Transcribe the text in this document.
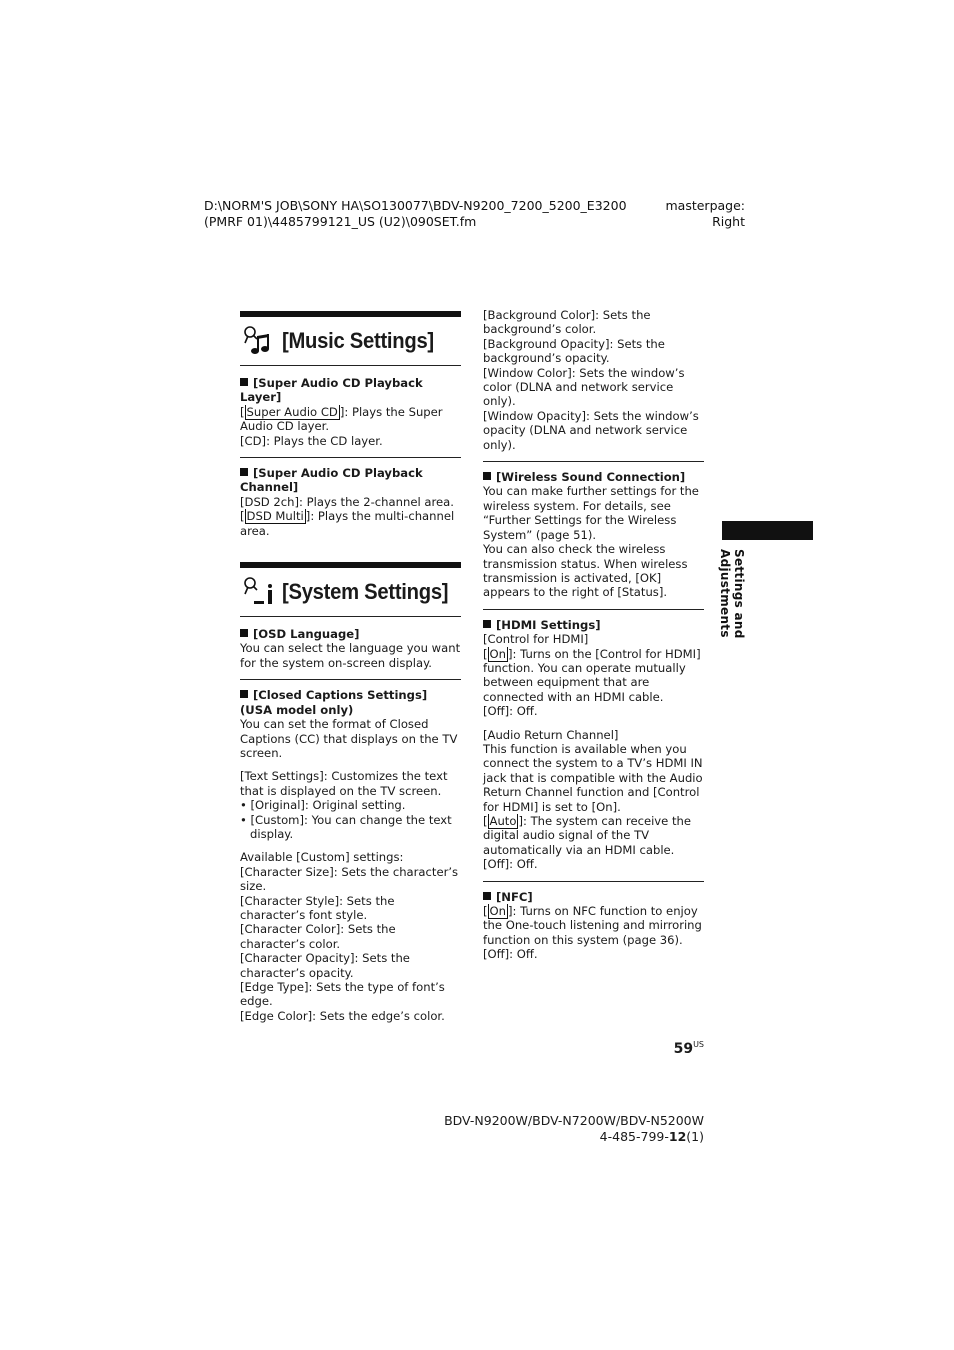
D:\NORM'S JOB\SONY HA\SO130077\BDV-N9200_7200_5200_E3200
(PMRF 01)\4485799121_US (U2)\090SET.fm
masterpage:
Right
[Music Settings]
[Super Audio CD Playback Layer]

[ Super Audio CD ]: Plays the Super Audio CD layer.

[CD]: Plays the CD layer.

[Super Audio CD Playback Channel]

[DSD 2ch]: Plays the 2-channel area.

[ DSD Multi ]: Plays the multi-channel area.

[System Settings]
[OSD Language]

You can select the language you want for the system on-screen display.

[Closed Captions Settings] (USA model only)

You can set the format of Closed Captions (CC) that displays on the TV screen.

[Text Settings]: Customizes the text that is displayed on the TV screen.

• [Original]: Original setting.

• [Custom]: You can change the text display.

Available [Custom] settings:

[Character Size]: Sets the character’s size.

[Character Style]: Sets the character’s font style.

[Character Color]: Sets the character’s color.

[Character Opacity]: Sets the character’s opacity.

[Edge Type]: Sets the type of font’s edge.

[Edge Color]: Sets the edge’s color.

[Background Color]: Sets the background’s color.

[Background Opacity]: Sets the background’s opacity.

[Window Color]: Sets the window’s color (DLNA and network service only).

[Window Opacity]: Sets the window’s opacity (DLNA and network service only).

[Wireless Sound Connection]

You can make further settings for the wireless system. For details, see “Further Settings for the Wireless System” (page 51).

You can also check the wireless transmission status. When wireless transmission is activated, [OK] appears to the right of [Status].

[HDMI Settings]

[Control for HDMI]

[ On ]: Turns on the [Control for HDMI] function. You can operate mutually between equipment that are connected with an HDMI cable.

[Off]: Off.

[Audio Return Channel]

This function is available when you connect the system to a TV’s HDMI IN jack that is compatible with the Audio Return Channel function and [Control for HDMI] is set to [On].

[ Auto ]: The system can receive the digital audio signal of the TV automatically via an HDMI cable.

[Off]: Off.

[NFC]

[ On ]: Turns on NFC function to enjoy the One-touch listening and mirroring function on this system (page 36).

[Off]: Off.

Settings and Adjustments
$59^{US}$
BDV-N9200W/BDV-N7200W/BDV-N5200W
4-485-799-12(1)
